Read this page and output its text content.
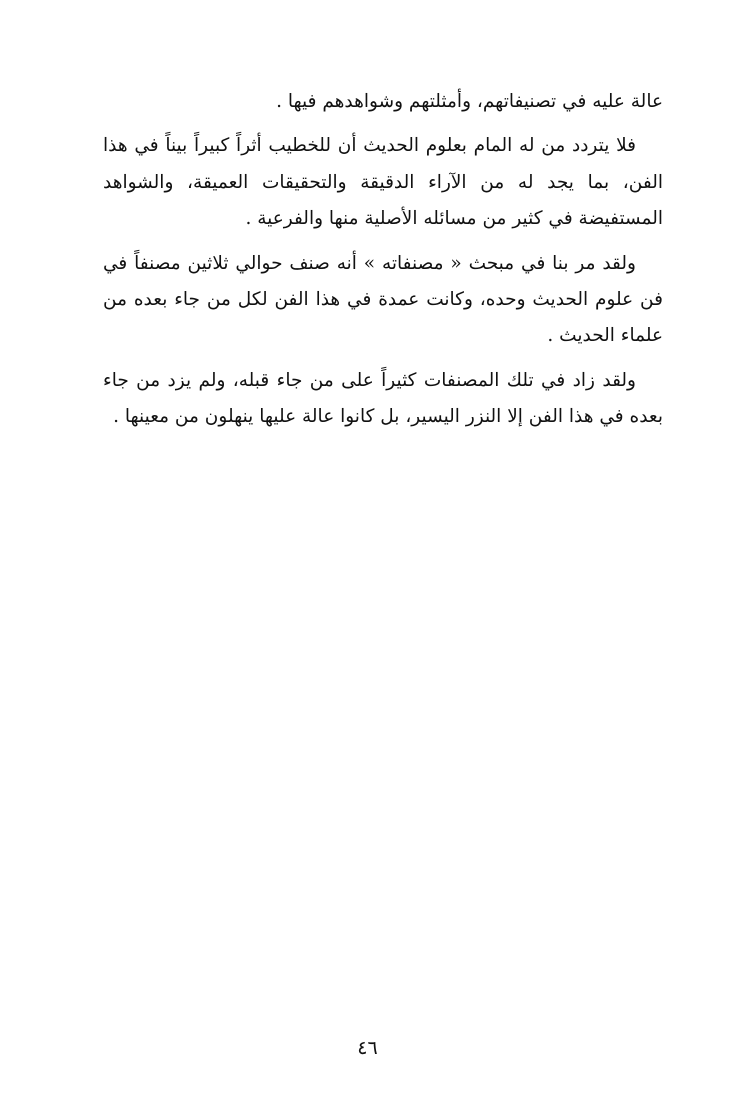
عالة عليه في تصنيفاتهم، وأمثلتهم وشواهدهم فيها .

فلا يتردد من له المام بعلوم الحديث أن للخطيب أثراً كبيراً بيناً في هذا الفن، بما يجد له من الآراء الدقيقة والتحقيقات العميقة، والشواهد المستفيضة في كثير من مسائله الأصلية منها والفرعية .

ولقد مر بنا في مبحث « مصنفاته » أنه صنف حوالي ثلاثين مصنفاً في فن علوم الحديث وحده، وكانت عمدة في هذا الفن لكل من جاء بعده من علماء الحديث .

ولقد زاد في تلك المصنفات كثيراً على من جاء قبله، ولم يزد من جاء بعده في هذا الفن إلا النزر اليسير، بل كانوا عالة عليها ينهلون من معينها .

٤٦
